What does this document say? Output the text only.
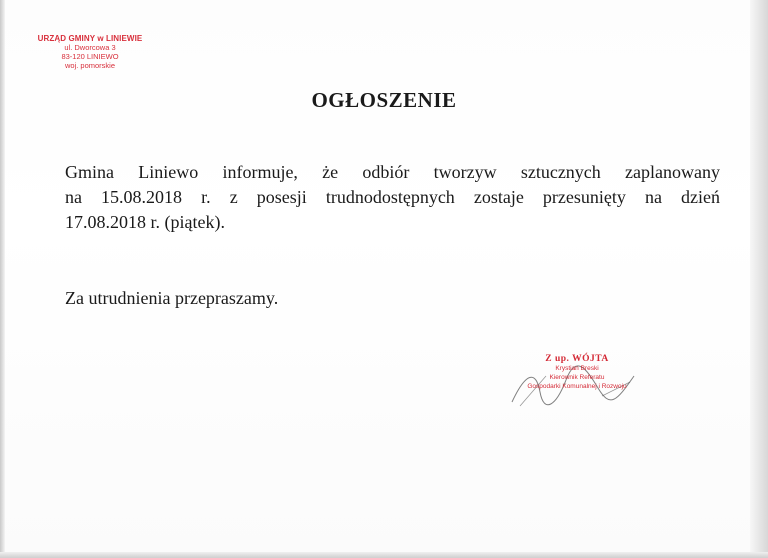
URZĄD GMINY w LINIEWIE
ul. Dworcowa 3
83-120 LINIEWO
woj. pomorskie
OGŁOSZENIE
Gmina Liniewo informuje, że odbiór tworzyw sztucznych zaplanowany
na 15.08.2018 r. z posesji trudnodostępnych zostaje przesunięty na dzień
17.08.2018 r. (piątek).
Za utrudnienia przepraszamy.
Z up. WÓJTA
Krystian Breski
Kierownik Referatu
Gospodarki Komunalnej i Rozwoju
